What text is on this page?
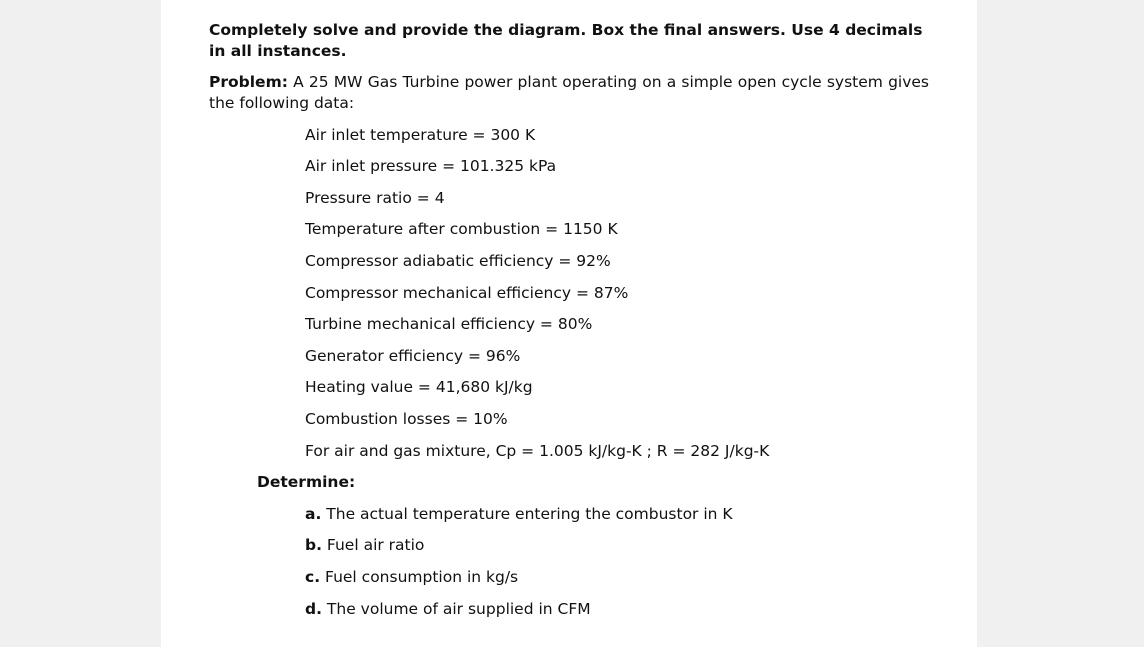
Completely solve and provide the diagram. Box the final answers. Use 4 decimals in all instances.

Problem: A 25 MW Gas Turbine power plant operating on a simple open cycle system gives the following data:

Air inlet temperature = 300 K
Air inlet pressure = 101.325 kPa
Pressure ratio = 4
Temperature after combustion = 1150 K
Compressor adiabatic efficiency = 92%
Compressor mechanical efficiency = 87%
Turbine mechanical efficiency = 80%
Generator efficiency = 96%
Heating value = 41,680 kJ/kg
Combustion losses = 10%
For air and gas mixture, Cp = 1.005 kJ/kg-K ; R = 282 J/kg-K

Determine:

a. The actual temperature entering the combustor in K
b. Fuel air ratio
c. Fuel consumption in kg/s
d. The volume of air supplied in CFM
